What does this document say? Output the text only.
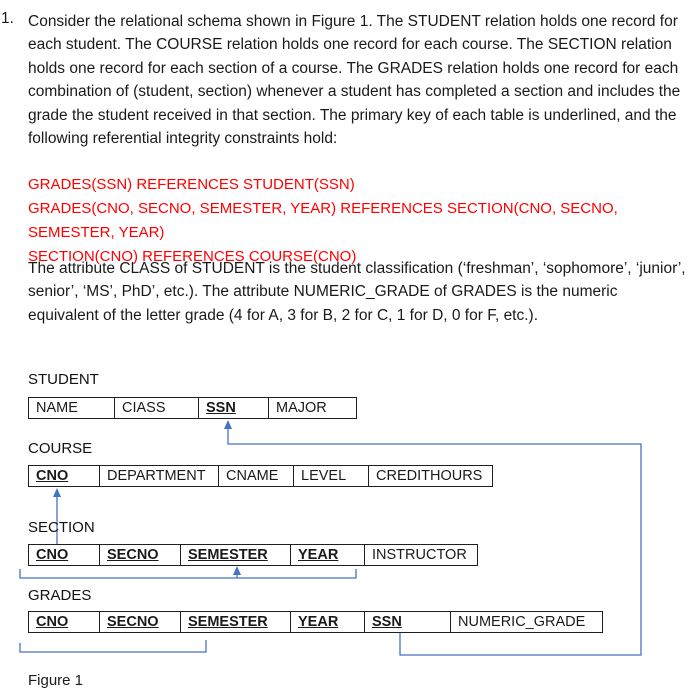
1. Consider the relational schema shown in Figure 1. The STUDENT relation holds one record for each student. The COURSE relation holds one record for each course. The SECTION relation holds one record for each section of a course. The GRADES relation holds one record for each combination of (student, section) whenever a student has completed a section and includes the grade the student received in that section. The primary key of each table is underlined, and the following referential integrity constraints hold:

GRADES(SSN) REFERENCES STUDENT(SSN)
GRADES(CNO, SECNO, SEMESTER, YEAR) REFERENCES SECTION(CNO, SECNO, SEMESTER, YEAR)
SECTION(CNO) REFERENCES COURSE(CNO)

The attribute CLASS of STUDENT is the student classification (‘freshman’, ‘sophomore’, ‘junior’, senior’, ‘MS’, PhD’, etc.). The attribute NUMERIC_GRADE of GRADES is the numeric equivalent of the letter grade (4 for A, 3 for B, 2 for C, 1 for D, 0 for F, etc.).

STUDENT
NAME	CIASS	SSN	MAJOR
COURSE
CNO	DEPARTMENT	CNAME	LEVEL	CREDITHOURS
SECTION
CNO	SECNO	SEMESTER	YEAR	INSTRUCTOR
GRADES
CNO	SECNO	SEMESTER	YEAR	SSN	NUMERIC_GRADE
Figure 1
